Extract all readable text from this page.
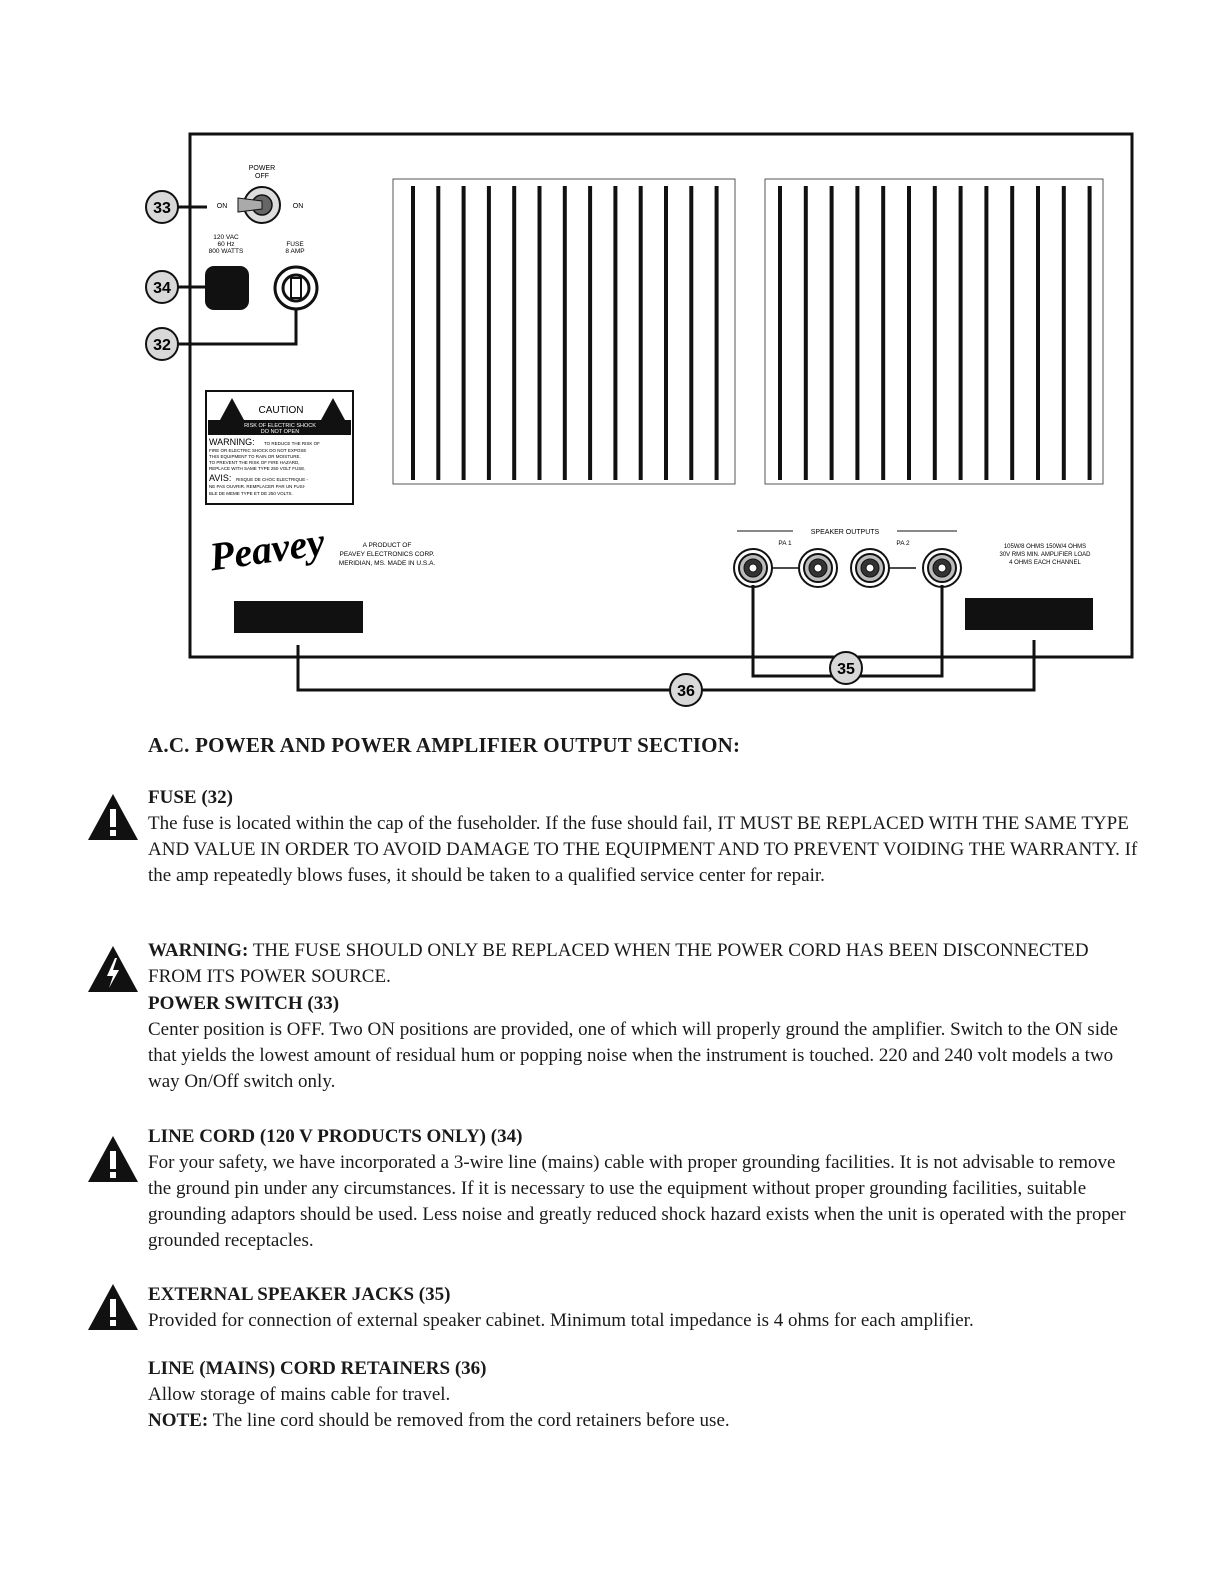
POWER
OFF
ON	ON
120 VAC
60 Hz
800 WATTS
FUSE
8 AMP
33
34
32
CAUTION
RISK OF ELECTRIC SHOCK
DO NOT OPEN
WARNING: TO REDUCE THE RISK OF
FIRE OR ELECTRIC SHOCK DO NOT EXPOSE
THIS EQUIPMENT TO RAIN OR MOISTURE.
TO PREVENT THE RISK OF FIRE HAZARD,
REPLACE WITH SAME TYPE 250 VOLT FUSE.
AVIS: RISQUE DE CHOC ELECTRIQUE -
NE PAS OUVRIR. REMPLACER PAR UN FUSI-
BLE DE MEME TYPE ET DE 250 VOLTS.
Peavey	A PRODUCT OF
PEAVEY ELECTRONICS CORP.
MERIDIAN, MS. MADE IN U.S.A.
SPEAKER OUTPUTS
PA 1	PA 2	105W/8 OHMS 150W/4 OHMS
30V RMS MIN. AMPLIFIER LOAD
4 OHMS EACH CHANNEL
35
36
A.C. POWER AND POWER AMPLIFIER OUTPUT SECTION:
FUSE (32)
The fuse is located within the cap of the fuseholder. If the fuse should fail, IT MUST BE REPLACED WITH THE SAME TYPE AND VALUE IN ORDER TO AVOID DAMAGE TO THE EQUIPMENT AND TO PREVENT VOIDING THE WARRANTY. If the amp repeatedly blows fuses, it should be taken to a qualified service center for repair.
WARNING: THE FUSE SHOULD ONLY BE REPLACED WHEN THE POWER CORD HAS BEEN DISCONNECTED FROM ITS POWER SOURCE.
POWER SWITCH (33)
Center position is OFF. Two ON positions are provided, one of which will properly ground the amplifier. Switch to the ON side that yields the lowest amount of residual hum or popping noise when the instrument is touched. 220 and 240 volt models a two way On/Off switch only.
LINE CORD (120 V PRODUCTS ONLY) (34)
For your safety, we have incorporated a 3-wire line (mains) cable with proper grounding facilities. It is not advisable to remove the ground pin under any circumstances. If it is necessary to use the equipment without proper grounding facilities, suitable grounding adaptors should be used. Less noise and greatly reduced shock hazard exists when the unit is operated with the proper grounded receptacles.
EXTERNAL SPEAKER JACKS (35)
Provided for connection of external speaker cabinet. Minimum total impedance is 4 ohms for each amplifier.
LINE (MAINS) CORD RETAINERS (36)
Allow storage of mains cable for travel.
NOTE: The line cord should be removed from the cord retainers before use.
